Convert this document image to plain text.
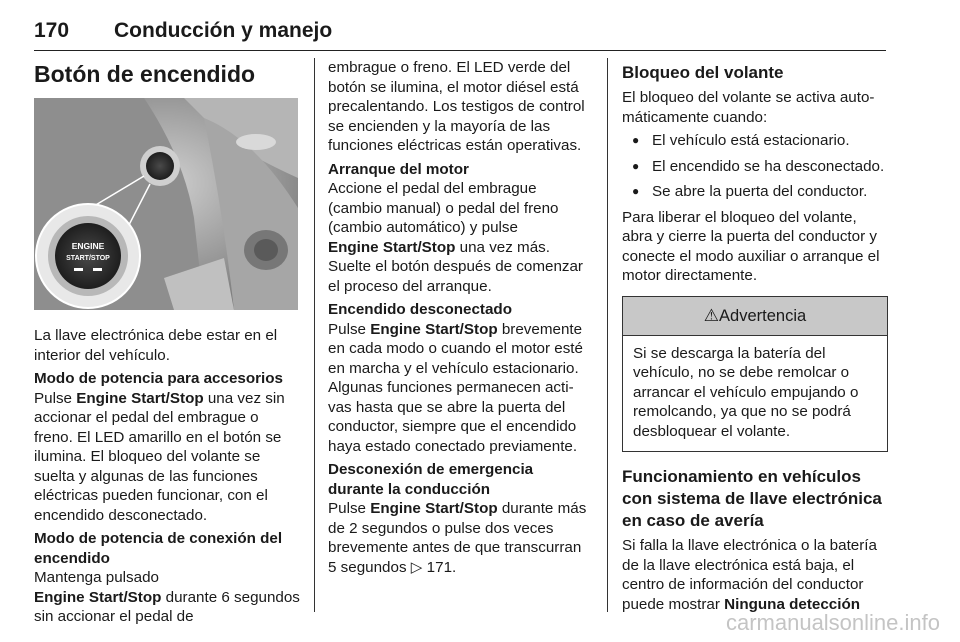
170 Conducción y manejo
Botón de encendido
ENGINE
START/STOP

La llave electrónica debe estar en el interior del vehículo.

Modo de potencia para accesorios
Pulse Engine Start/Stop una vez sin accionar el pedal del embrague o freno. El LED amarillo en el botón se ilumina. El bloqueo del volante se suelta y algunas de las funciones eléctricas pueden funcionar, con el encendido desconectado.

Modo de potencia de conexión del encendido
Mantenga pulsado
Engine Start/Stop durante 6 segundos sin accionar el pedal de

embrague o freno. El LED verde del botón se ilumina, el motor diésel está precalentando. Los testigos de control se encienden y la mayoría de las funciones eléctricas están operativas.

Arranque del motor
Accione el pedal del embrague (cambio manual) o pedal del freno (cambio automático) y pulse
Engine Start/Stop una vez más. Suelte el botón después de comenzar el proceso del arranque.

Encendido desconectado
Pulse Engine Start/Stop brevemente en cada modo o cuando el motor esté en marcha y el vehículo estacionario. Algunas funciones permanecen activas hasta que se abre la puerta del conductor, siempre que el encendido haya estado conectado previamente.

Desconexión de emergencia durante la conducción
Pulse Engine Start/Stop durante más de 2 segundos o pulse dos veces brevemente antes de que transcurran 5 segundos ▷ 171.

Bloqueo del volante

El bloqueo del volante se activa automáticamente cuando:

● El vehículo está estacionario.
● El encendido se ha desconectado.
● Se abre la puerta del conductor.

Para liberar el bloqueo del volante, abra y cierre la puerta del conductor y conecte el modo auxiliar o arranque el motor directamente.

⚠Advertencia
Si se descarga la batería del vehículo, no se debe remolcar o arrancar el vehículo empujando o remolcando, ya que no se podrá desbloquear el volante.
Funcionamiento en vehículos con sistema de llave electrónica en caso de avería

Si falla la llave electrónica o la batería de la llave electrónica está baja, el centro de información del conductor puede mostrar Ninguna detección

carmanualsonline.info
